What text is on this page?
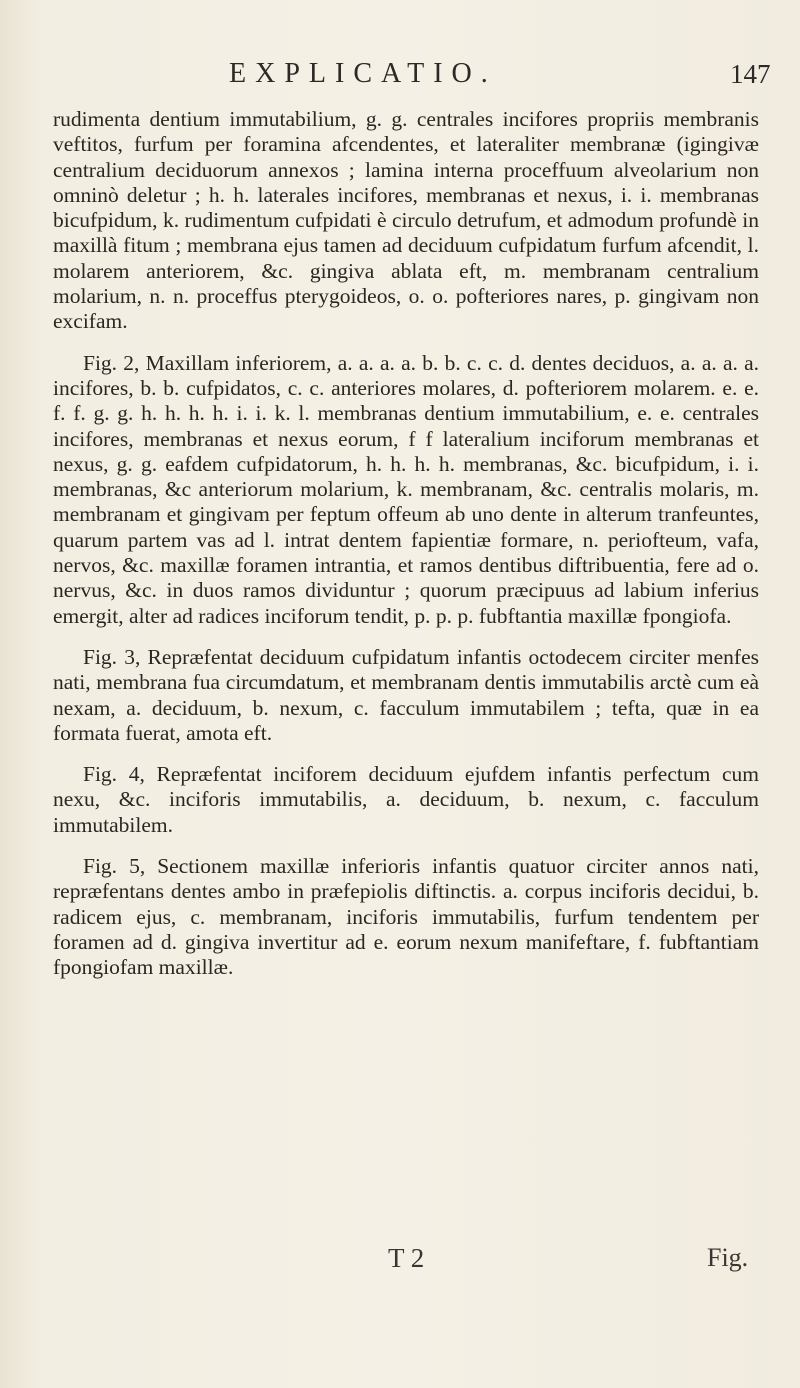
EXPLICATIO.	147

rudimenta dentium immutabilium, g. g. centrales incifores propriis membranis veftitos, furfum per foramina afcendentes, et lateraliter membranæ (igingivæ centralium deciduorum annexos ; lamina interna proceffuum alveolarium non omninò deletur ; h. h. laterales incifores, membranas et nexus, i. i. membranas bicufpidum, k. rudimentum cufpidati è circulo detrufum, et admodum profundè in maxillà fitum ; membrana ejus tamen ad deciduum cufpidatum furfum afcendit, l. molarem anteriorem, &c. gingiva ablata eft, m. membranam centralium molarium, n. n. proceffus pterygoideos, o. o. pofteriores nares, p. gingivam non excifam.

Fig. 2, Maxillam inferiorem, a. a. a. a. b. b. c. c. d. dentes deciduos, a. a. a. a. incifores, b. b. cufpidatos, c. c. anteriores molares, d. pofteriorem molarem. e. e. f. f. g. g. h. h. h. h. i. i. k. l. membranas dentium immutabilium, e. e. centrales incifores, membranas et nexus eorum, f f lateralium inciforum membranas et nexus, g. g. eafdem cufpidatorum, h. h. h. h. membranas, &c. bicufpidum, i. i. membranas, &c anteriorum molarium, k. membranam, &c. centralis molaris, m. membranam et gingivam per feptum offeum ab uno dente in alterum tranfeuntes, quarum partem vas ad l. intrat dentem fapientiæ formare, n. periofteum, vafa, nervos, &c. maxillæ foramen intrantia, et ramos dentibus diftribuentia, fere ad o. nervus, &c. in duos ramos dividuntur ; quorum præcipuus ad labium inferius emergit, alter ad radices inciforum tendit, p. p. p. fubftantia maxillæ fpongiofa.

Fig. 3, Repræfentat deciduum cufpidatum infantis octodecem circiter menfes nati, membrana fua circumdatum, et membranam dentis immutabilis arctè cum eà nexam, a. deciduum, b. nexum, c. facculum immutabilem ; tefta, quæ in ea formata fuerat, amota eft.

Fig. 4, Repræfentat inciforem deciduum ejufdem infantis perfectum cum nexu, &c. inciforis immutabilis, a. deciduum, b. nexum, c. facculum immutabilem.

Fig. 5, Sectionem maxillæ inferioris infantis quatuor circiter annos nati, repræfentans dentes ambo in præfepiolis diftinctis. a. corpus inciforis decidui, b. radicem ejus, c. membranam, inciforis immutabilis, furfum tendentem per foramen ad d. gingiva invertitur ad e. eorum nexum manifeftare, f. fubftantiam fpongiofam maxillæ.

T 2	Fig.
